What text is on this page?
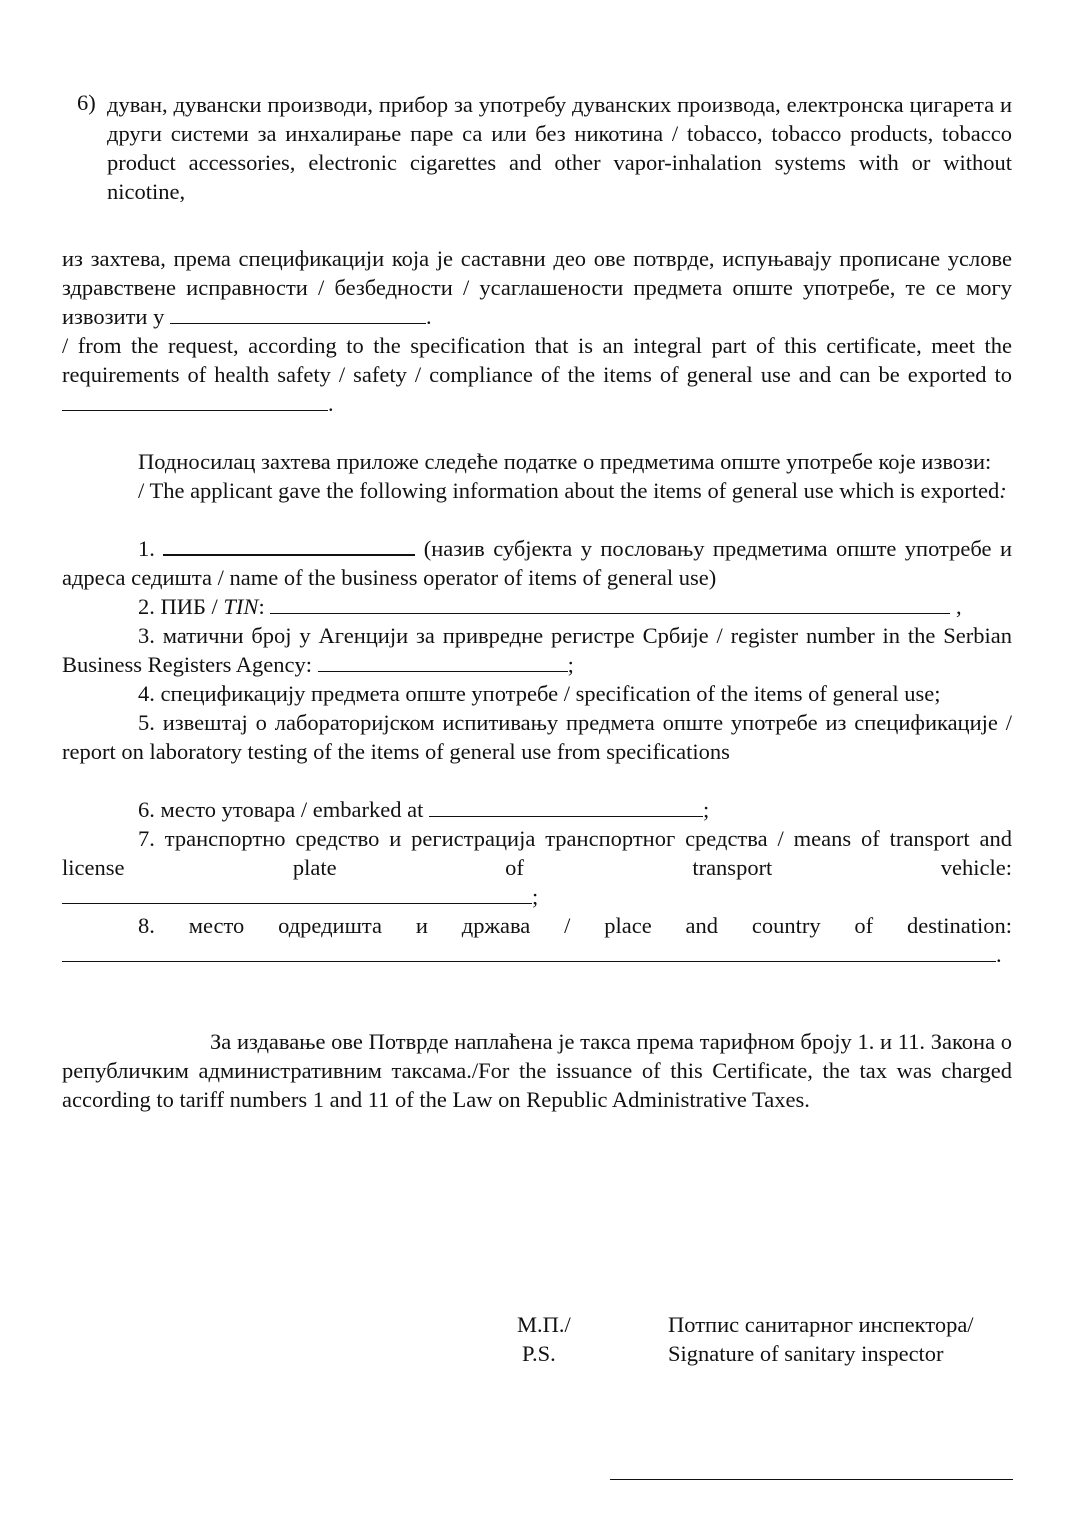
6) дуван, дувански производи, прибор за употребу дуванских производа, електронска цигарета и други системи за инхалирање паре са или без никотина / tobacco, tobacco products, tobacco product accessories, electronic cigarettes and other vapor-inhalation systems with or without nicotine,

из захтева, према спецификацији која је саставни део ове потврде, испуњавају прописане услове здравствене исправности / безбедности / усаглашености предмета опште употребе, те се могу извозити у	.

/ from the request, according to the specification that is an integral part of this certificate, meet the requirements of health safety / safety / compliance of the items of general use and can be exported to .

Подносилац захтева приложе следеће податке о предметима опште употребе које извози:

/ The applicant gave the following information about the items of general use which is exported:

1.	(назив субјекта у пословању предметима опште употребе и адреса седишта / name of the business operator of items of general use)

2. ПИБ / TIN:	,

3. матични број у Агенцији за привредне регистре Србије / register number in the Serbian Business Registers Agency:	;

4. спецификацију предмета опште употребе / specification of the items of general use;

5. извештај о лабораторијском испитивању предмета опште употребе из спецификације / report on laboratory testing of the items of general use from specifications

6. место утовара / embarked at	;

7. транспортно средство и регистрација транспортног средства / means of transport and license plate of transport vehicle:

;

8. место одредишта и држава / place and country of destination:

.

За издавање ове Потврде наплаћена је такса према тарифном броју 1. и 11. Закона о републичким административним таксама./For the issuance of this Certificate, the tax was charged according to tariff numbers 1 and 11 of the Law on Republic Administrative Taxes.

М.П./
P.S.
Потпис санитарног инспектора/
Signature of sanitary inspector
